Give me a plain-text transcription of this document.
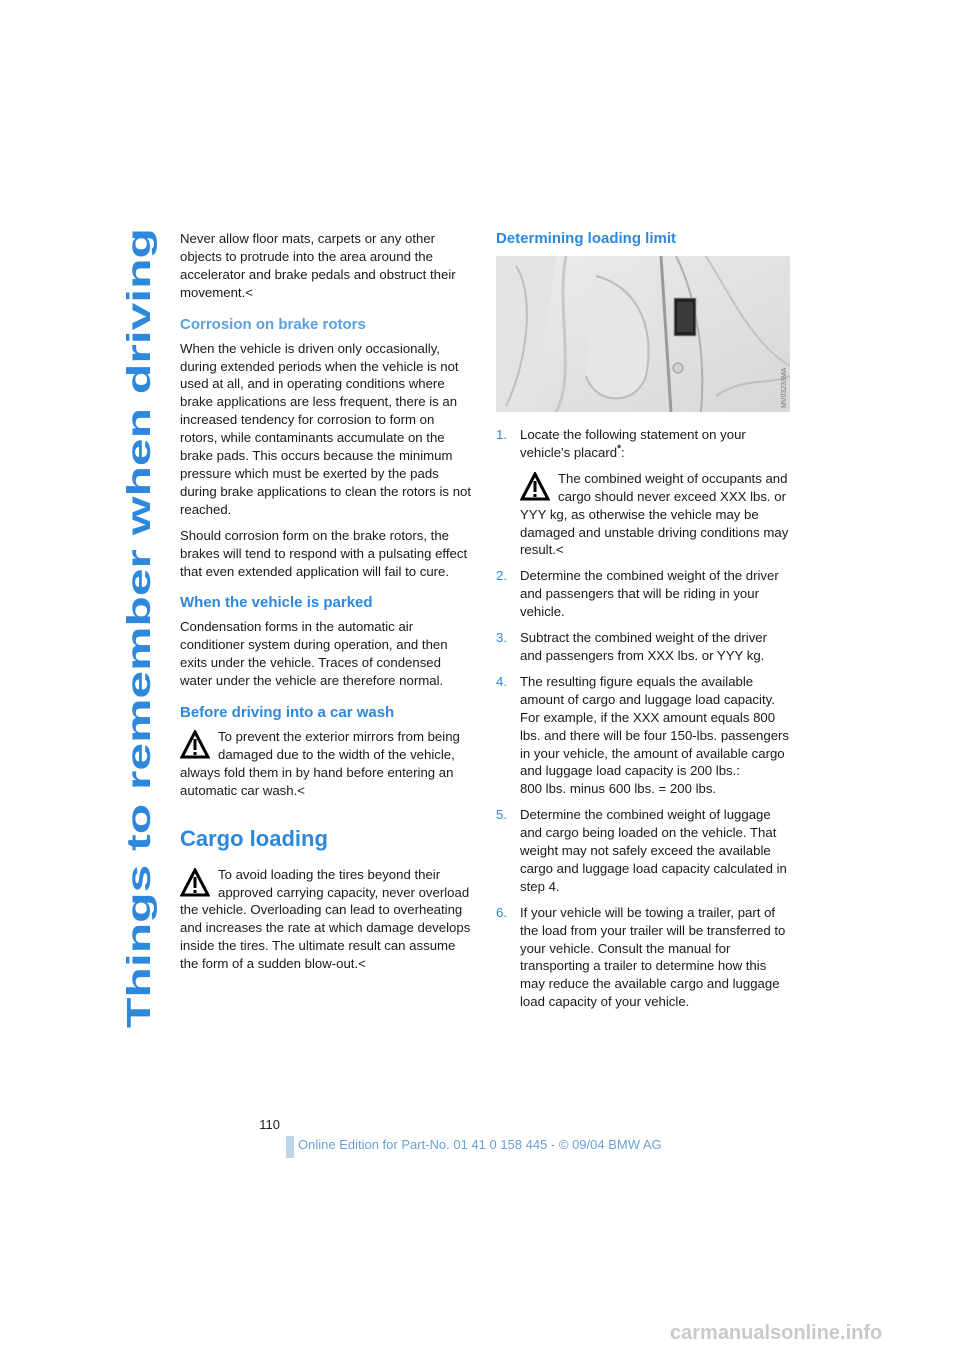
Things to remember when driving

Never allow floor mats, carpets or any other objects to protrude into the area around the accelerator and brake pedals and obstruct their movement.<

Corrosion on brake rotors

When the vehicle is driven only occasionally, during extended periods when the vehicle is not used at all, and in operating conditions where brake applications are less frequent, there is an increased tendency for corrosion to form on rotors, while contaminants accumulate on the brake pads. This occurs because the minimum pressure which must be exerted by the pads during brake applications to clean the rotors is not reached.

Should corrosion form on the brake rotors, the brakes will tend to respond with a pulsating effect that even extended application will fail to cure.

When the vehicle is parked

Condensation forms in the automatic air conditioner system during operation, and then exits under the vehicle. Traces of condensed water under the vehicle are therefore normal.

Before driving into a car wash

To prevent the exterior mirrors from being damaged due to the width of the vehicle, always fold them in by hand before entering an automatic car wash.<

Cargo loading

To avoid loading the tires beyond their approved carrying capacity, never overload the vehicle. Overloading can lead to overheating and increases the rate at which damage develops inside the tires. The ultimate result can assume the form of a sudden blow-out.<

Determining loading limit
MV03233MA
1. Locate the following statement on your vehicle's placard*:

The combined weight of occupants and cargo should never exceed XXX lbs. or YYY kg, as otherwise the vehicle may be damaged and unstable driving conditions may result.<

2. Determine the combined weight of the driver and passengers that will be riding in your vehicle.
3. Subtract the combined weight of the driver and passengers from XXX lbs. or YYY kg.
4. The resulting figure equals the available amount of cargo and luggage load capacity. For example, if the XXX amount equals 800 lbs. and there will be four 150-lbs. passengers in your vehicle, the amount of available cargo and luggage load capacity is 200 lbs.:
800 lbs. minus 600 lbs. = 200 lbs.
5. Determine the combined weight of luggage and cargo being loaded on the vehicle. That weight may not safely exceed the available cargo and luggage load capacity calculated in step 4.
6. If your vehicle will be towing a trailer, part of the load from your trailer will be transferred to your vehicle. Consult the manual for transporting a trailer to determine how this may reduce the available cargo and luggage load capacity of your vehicle.
110
Online Edition for Part-No. 01 41 0 158 445 - © 09/04 BMW AG
carmanualsonline.info
